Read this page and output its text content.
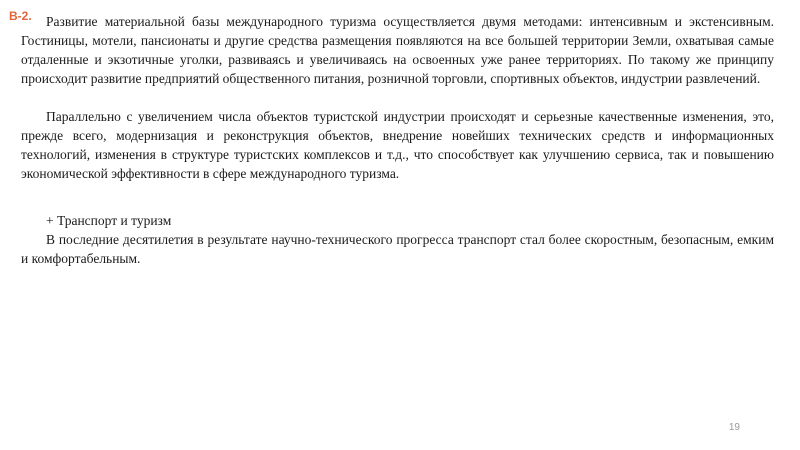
B-2.	Развитие материальной базы международного туризма осуществляется двумя методами: интенсивным и экстенсивным. Гостиницы, мотели, пансионаты и другие средства размещения появляются на все большей территории Земли, охватывая самые отдаленные и экзотичные уголки, развиваясь и увеличиваясь на освоенных уже ранее территориях. По такому же принципу происходит развитие предприятий общественного питания, розничной торговли, спортивных объектов, индустрии развлечений.

Параллельно с увеличением числа объектов туристской индустрии происходят и серьезные качественные изменения, это, прежде всего, модернизация и реконструкция объектов, внедрение новейших технических средств и информационных технологий, изменения в структуре туристских комплексов и т.д., что способствует как улучшению сервиса, так и повышению экономической эффективности в сфере международного туризма.

+ Транспорт и туризм

В последние десятилетия в результате научно-технического прогресса транспорт стал более скоростным, безопасным, емким и комфортабельным.

19
